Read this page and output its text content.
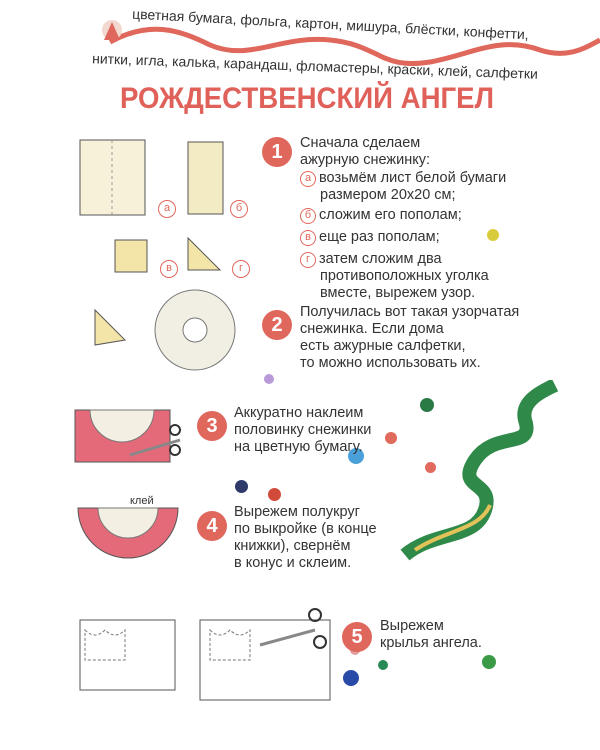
цветная бумага, фольга, картон, мишура, блёстки, конфетти,
нитки, игла, калька, карандаш, фломастеры, краски, клей, салфетки
РОЖДЕСТВЕНСКИЙ АНГЕЛ
а	б
в	г
клей
1	Сначала сделаем
ажурную снежинку:
а возьмём лист белой бумаги
размером 20х20 см;
б сложим его пополам;
в еще раз пополам;
г затем сложим два
противоположных уголка
вместе, вырежем узор.
2
Получилась вот такая узорчатая
снежинка. Если дома
есть ажурные салфетки,
то можно использовать их.
3
Аккуратно наклеим
половинку снежинки
на цветную бумагу.
4
Вырежем полукруг
по выкройке (в конце
книжки), свернём
в конус и склеим.
5	Вырежем
крылья ангела.
